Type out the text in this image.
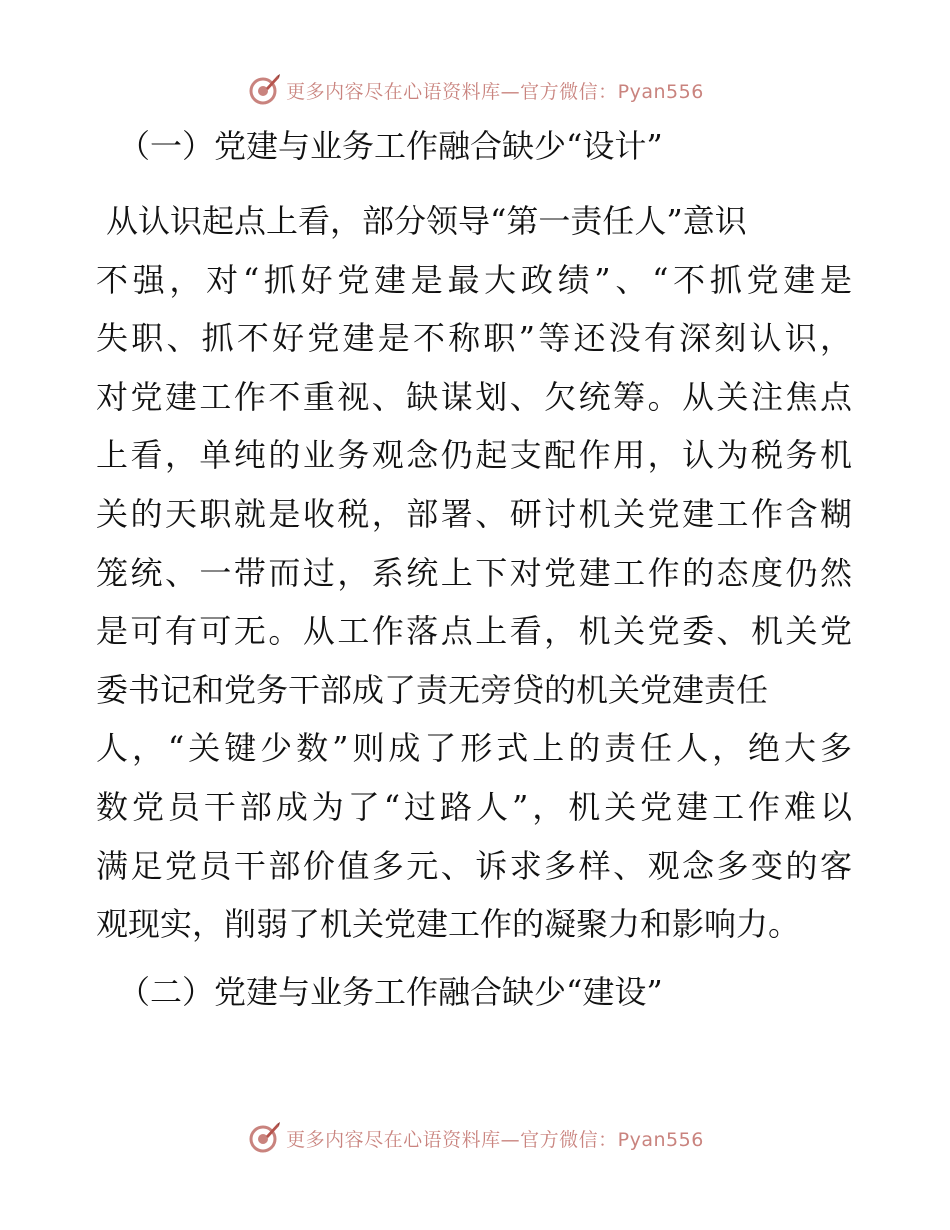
更多内容尽在心语资料库—官方微信：Pyan556
（一）党建与业务工作融合缺少“设计”
从认识起点上看，部分领导“第一责任人”意识
不强，对“抓好党建是最大政绩”、“不抓党建是
失职、抓不好党建是不称职”等还没有深刻认识，
对党建工作不重视、缺谋划、欠统筹。从关注焦点
上看，单纯的业务观念仍起支配作用，认为税务机
关的天职就是收税，部署、研讨机关党建工作含糊
笼统、一带而过，系统上下对党建工作的态度仍然
是可有可无。从工作落点上看，机关党委、机关党
委书记和党务干部成了责无旁贷的机关党建责任
人，“关键少数”则成了形式上的责任人，绝大多
数党员干部成为了“过路人”，机关党建工作难以
满足党员干部价值多元、诉求多样、观念多变的客
观现实，削弱了机关党建工作的凝聚力和影响力。
（二）党建与业务工作融合缺少“建设”
更多内容尽在心语资料库—官方微信：Pyan556
